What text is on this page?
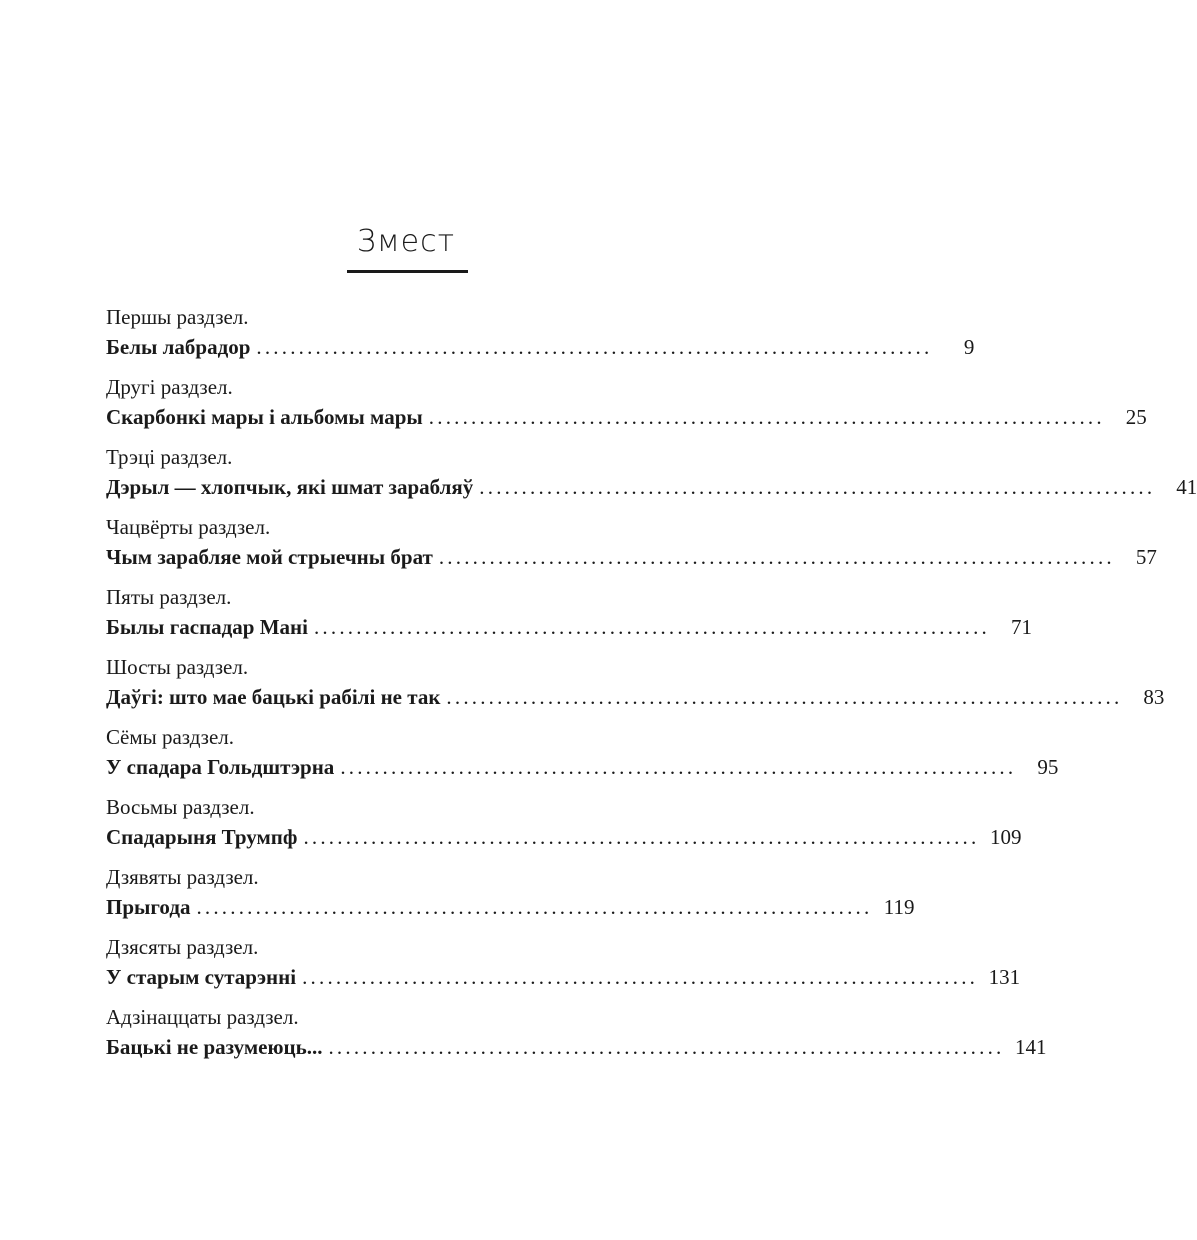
Змест
Першы раздзел.
Белы лабрадор ................................................................................	9
Другі раздзел.
Скарбонкі мары і альбомы мары ................................................................................	25
Трэці раздзел.
Дэрыл — хлопчык, які шмат зарабляў ................................................................................	41
Чацвёрты раздзел.
Чым зарабляе мой стрыечны брат ................................................................................	57
Пяты раздзел.
Былы гаспадар Мані ................................................................................	71
Шосты раздзел.
Даўгі: што мае бацькі рабілі не так ................................................................................	83
Сёмы раздзел.
У спадара Гольдштэрна ................................................................................	95
Восьмы раздзел.
Спадарыня Трумпф ................................................................................ 109
Дзявяты раздзел.
Прыгода ................................................................................ 119
Дзясяты раздзел.
У старым сутарэнні ................................................................................ 131
Адзінаццаты раздзел.
Бацькі не разумеюць... ................................................................................ 141
